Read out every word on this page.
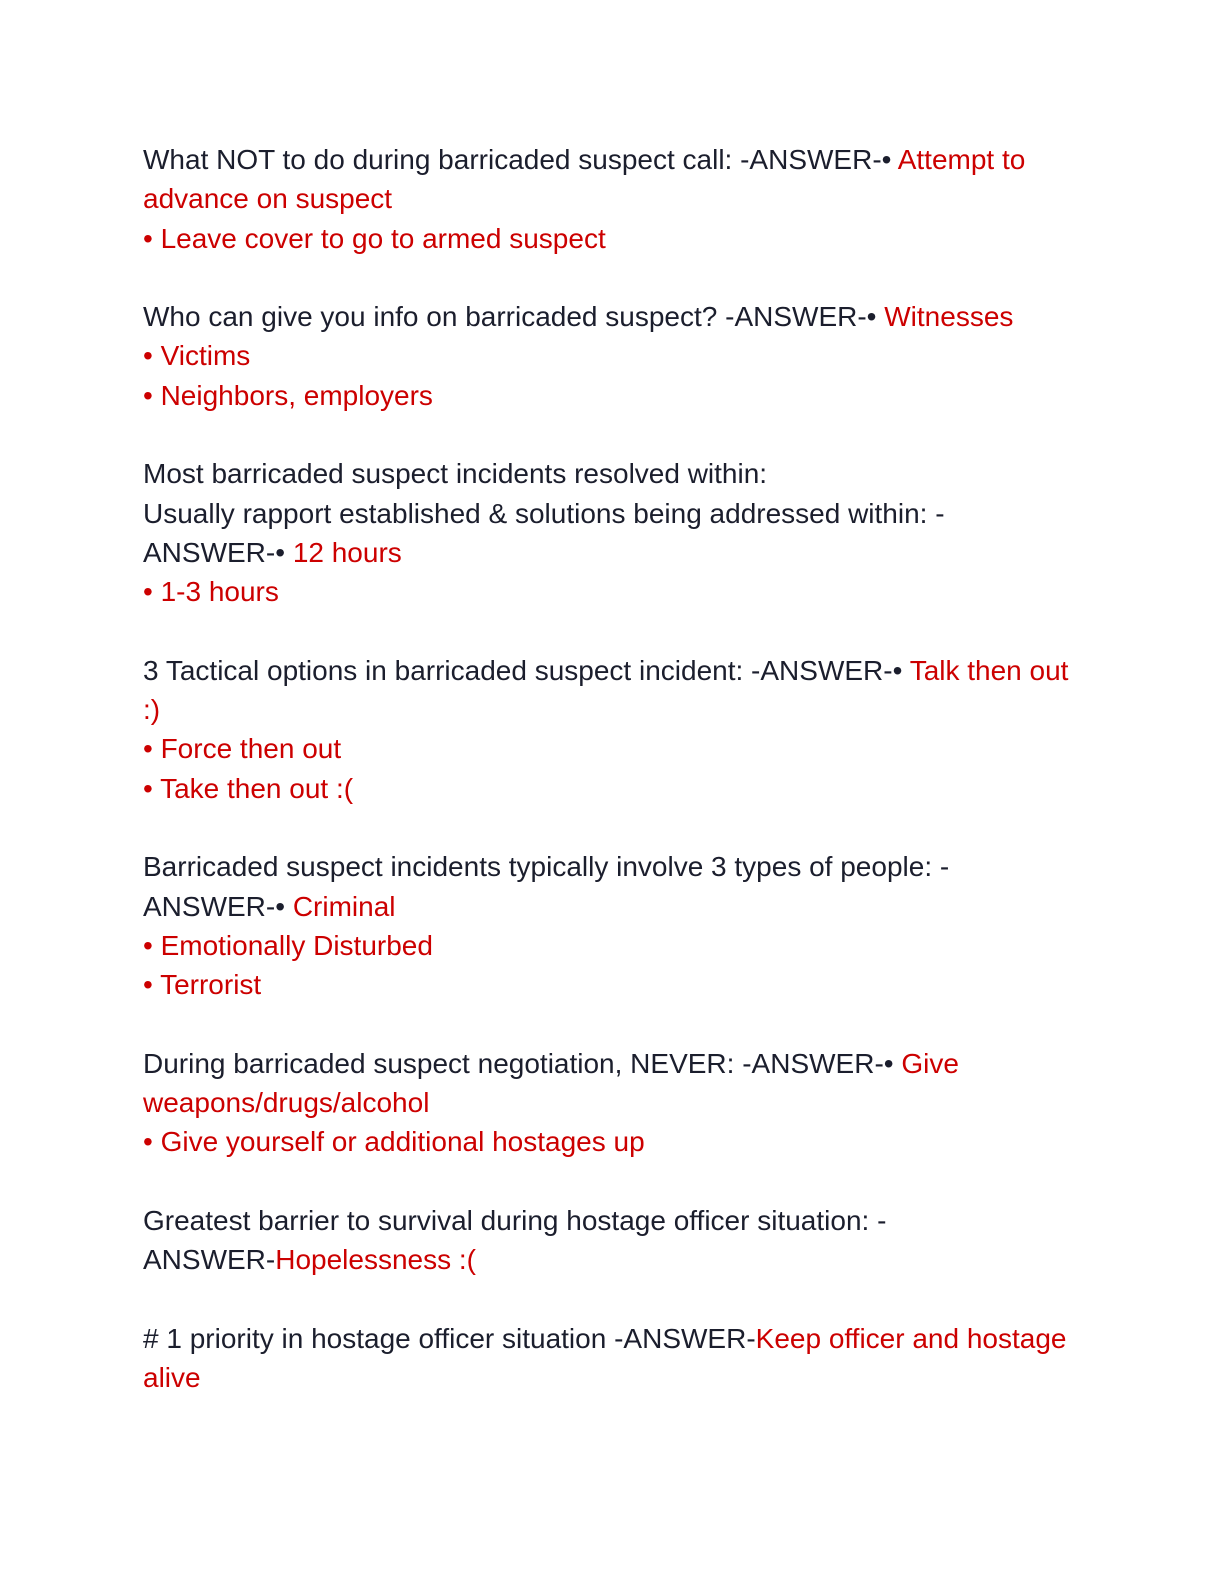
What NOT to do during barricaded suspect call: -ANSWER-• Attempt to advance on suspect
• Leave cover to go to armed suspect
Who can give you info on barricaded suspect? -ANSWER-• Witnesses
• Victims
• Neighbors, employers
Most barricaded suspect incidents resolved within:
Usually rapport established & solutions being addressed within: -
ANSWER-• 12 hours
• 1-3 hours
3 Tactical options in barricaded suspect incident: -ANSWER-• Talk then out :)
• Force then out
• Take then out :(
Barricaded suspect incidents typically involve 3 types of people: -
ANSWER-• Criminal
• Emotionally Disturbed
• Terrorist
During barricaded suspect negotiation, NEVER: -ANSWER-• Give weapons/drugs/alcohol
• Give yourself or additional hostages up
Greatest barrier to survival during hostage officer situation: -
ANSWER-Hopelessness :(
# 1 priority in hostage officer situation -ANSWER-Keep officer and hostage alive
